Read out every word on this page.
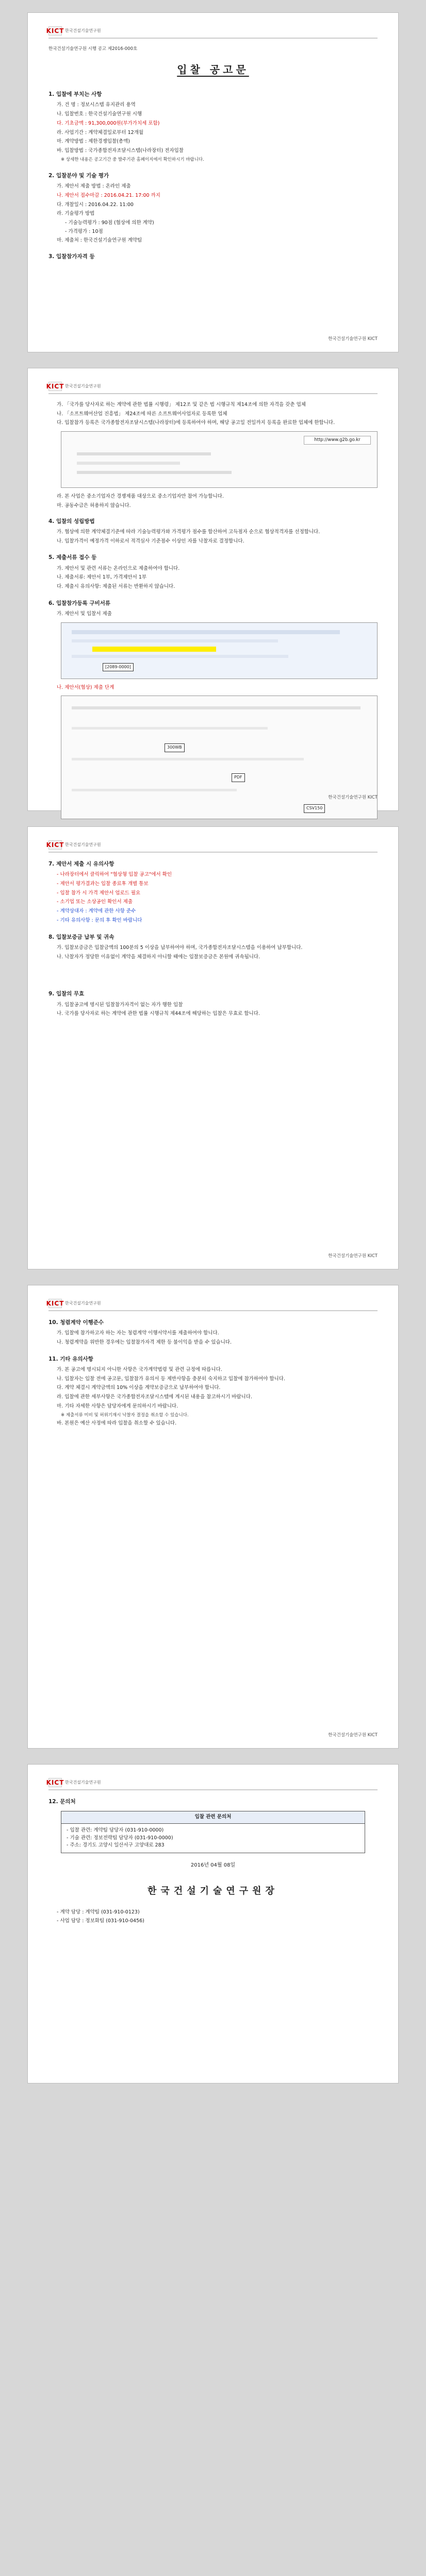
KICT 한국건설기술연구원
한국건설기술연구원 시행 공고 제2016-000호
입찰 공고문
1. 입찰에 부치는 사항
가. 건 명 : 정보시스템 유지관리 용역
나. 입찰번호 : 한국건설기술연구원 시행
다. 기초금액 : 91,300,000원(부가가치세 포함)
라. 사업기간 : 계약체결일로부터 12개월
마. 계약방법 : 제한경쟁입찰(총액)
바. 입찰방법 : 국가종합전자조달시스템(나라장터) 전자입찰
※ 상세한 내용은 공고기간 중 발주기관 홈페이지에서 확인하시기 바랍니다.
2. 입찰분야 및 기술 평가
가. 제안서 제출 방법 : 온라인 제출
나. 제안서 접수마감 : 2016.04.21. 17:00 까지
다. 개찰일시 : 2016.04.22. 11:00
라. 기술평가 방법
- 기술능력평가 : 90점 (협상에 의한 계약)
- 가격평가 : 10점
마. 제출처 : 한국건설기술연구원 계약팀
3. 입찰참가자격 등
한국건설기술연구원 KICT
KICT 한국건설기술연구원
가. 「국가를 당사자로 하는 계약에 관한 법률 시행령」 제12조 및 같은 법 시행규칙 제14조에 의한 자격을 갖춘 업체
나. 「소프트웨어산업 진흥법」 제24조에 따른 소프트웨어사업자로 등록한 업체
다. 입찰참가 등록은 국가종합전자조달시스템(나라장터)에 등록하여야 하며, 해당 공고일 전일까지 등록을 완료한 업체에 한합니다.
http://www.g2b.go.kr
라. 본 사업은 중소기업자간 경쟁제품 대상으로 중소기업자만 참여 가능합니다.
마. 공동수급은 허용하지 않습니다.
4. 입찰의 성립방법
가. 협상에 의한 계약체결기준에 따라 기술능력평가와 가격평가 점수를 합산하여 고득점자 순으로 협상적격자를 선정합니다.
나. 입찰가격이 예정가격 이하로서 적격심사 기준점수 이상인 자를 낙찰자로 결정합니다.
5. 제출서류 접수 등
가. 제안서 및 관련 서류는 온라인으로 제출하여야 합니다.
나. 제출서류: 제안서 1부, 가격제안서 1부
다. 제출시 유의사항: 제출된 서류는 반환하지 않습니다.
6. 입찰참가등록 구비서류
가. 제안서 및 입찰서 제출
[2089-0000]
나. 제안서(협상) 제출 단계
300WB
PDF
CSV150
한국건설기술연구원 KICT
KICT 한국건설기술연구원
7. 제안서 제출 시 유의사항
- 나라장터에서 클릭하여 "협상형 입찰 공고"에서 확인
- 제안서 평가결과는 입찰 종료후 개별 통보
- 입찰 참가 시 가격 제안서 업로드 필요
- 소기업 또는 소상공인 확인서 제출
- 계약상대자 : 계약에 관한 사항 준수
- 기타 유의사항 : 문의 후 확인 바랍니다
8. 입찰보증금 납부 및 귀속
가. 입찰보증금은 입찰금액의 100분의 5 이상을 납부하여야 하며, 국가종합전자조달시스템을 이용하여 납부합니다.
나. 낙찰자가 정당한 이유없이 계약을 체결하지 아니할 때에는 입찰보증금은 본원에 귀속됩니다.
9. 입찰의 무효
가. 입찰공고에 명시된 입찰참가자격이 없는 자가 행한 입찰
나. 국가를 당사자로 하는 계약에 관한 법률 시행규칙 제44조에 해당하는 입찰은 무효로 합니다.
한국건설기술연구원 KICT
KICT 한국건설기술연구원
10. 청렴계약 이행준수
가. 입찰에 참가하고자 하는 자는 청렴계약 이행서약서를 제출하여야 합니다.
나. 청렴계약을 위반한 경우에는 입찰참가자격 제한 등 불이익을 받을 수 있습니다.
11. 기타 유의사항
가. 본 공고에 명시되지 아니한 사항은 국가계약법령 및 관련 규정에 따릅니다.
나. 입찰자는 입찰 전에 공고문, 입찰참가 유의서 등 제반사항을 충분히 숙지하고 입찰에 참가하여야 합니다.
다. 계약 체결시 계약금액의 10% 이상을 계약보증금으로 납부하여야 합니다.
라. 입찰에 관한 세부사항은 국가종합전자조달시스템에 게시된 내용을 참고하시기 바랍니다.
마. 기타 자세한 사항은 담당자에게 문의하시기 바랍니다.
※ 제출서류 미비 및 허위기재시 낙찰자 결정을 취소할 수 있습니다.
바. 본원은 예산 사정에 따라 입찰을 취소할 수 있습니다.
한국건설기술연구원 KICT
KICT 한국건설기술연구원
12. 문의처
입찰 관련 문의처
- 입찰 관련: 계약팀 담당자 (031-910-0000)
- 기술 관련: 정보전략팀 담당자 (031-910-0000)
- 주소: 경기도 고양시 일산서구 고양대로 283
2016년 04월 08일
한국건설기술연구원장
- 계약 담당 : 계약팀 (031-910-0123)
- 사업 담당 : 정보화팀 (031-910-0456)
